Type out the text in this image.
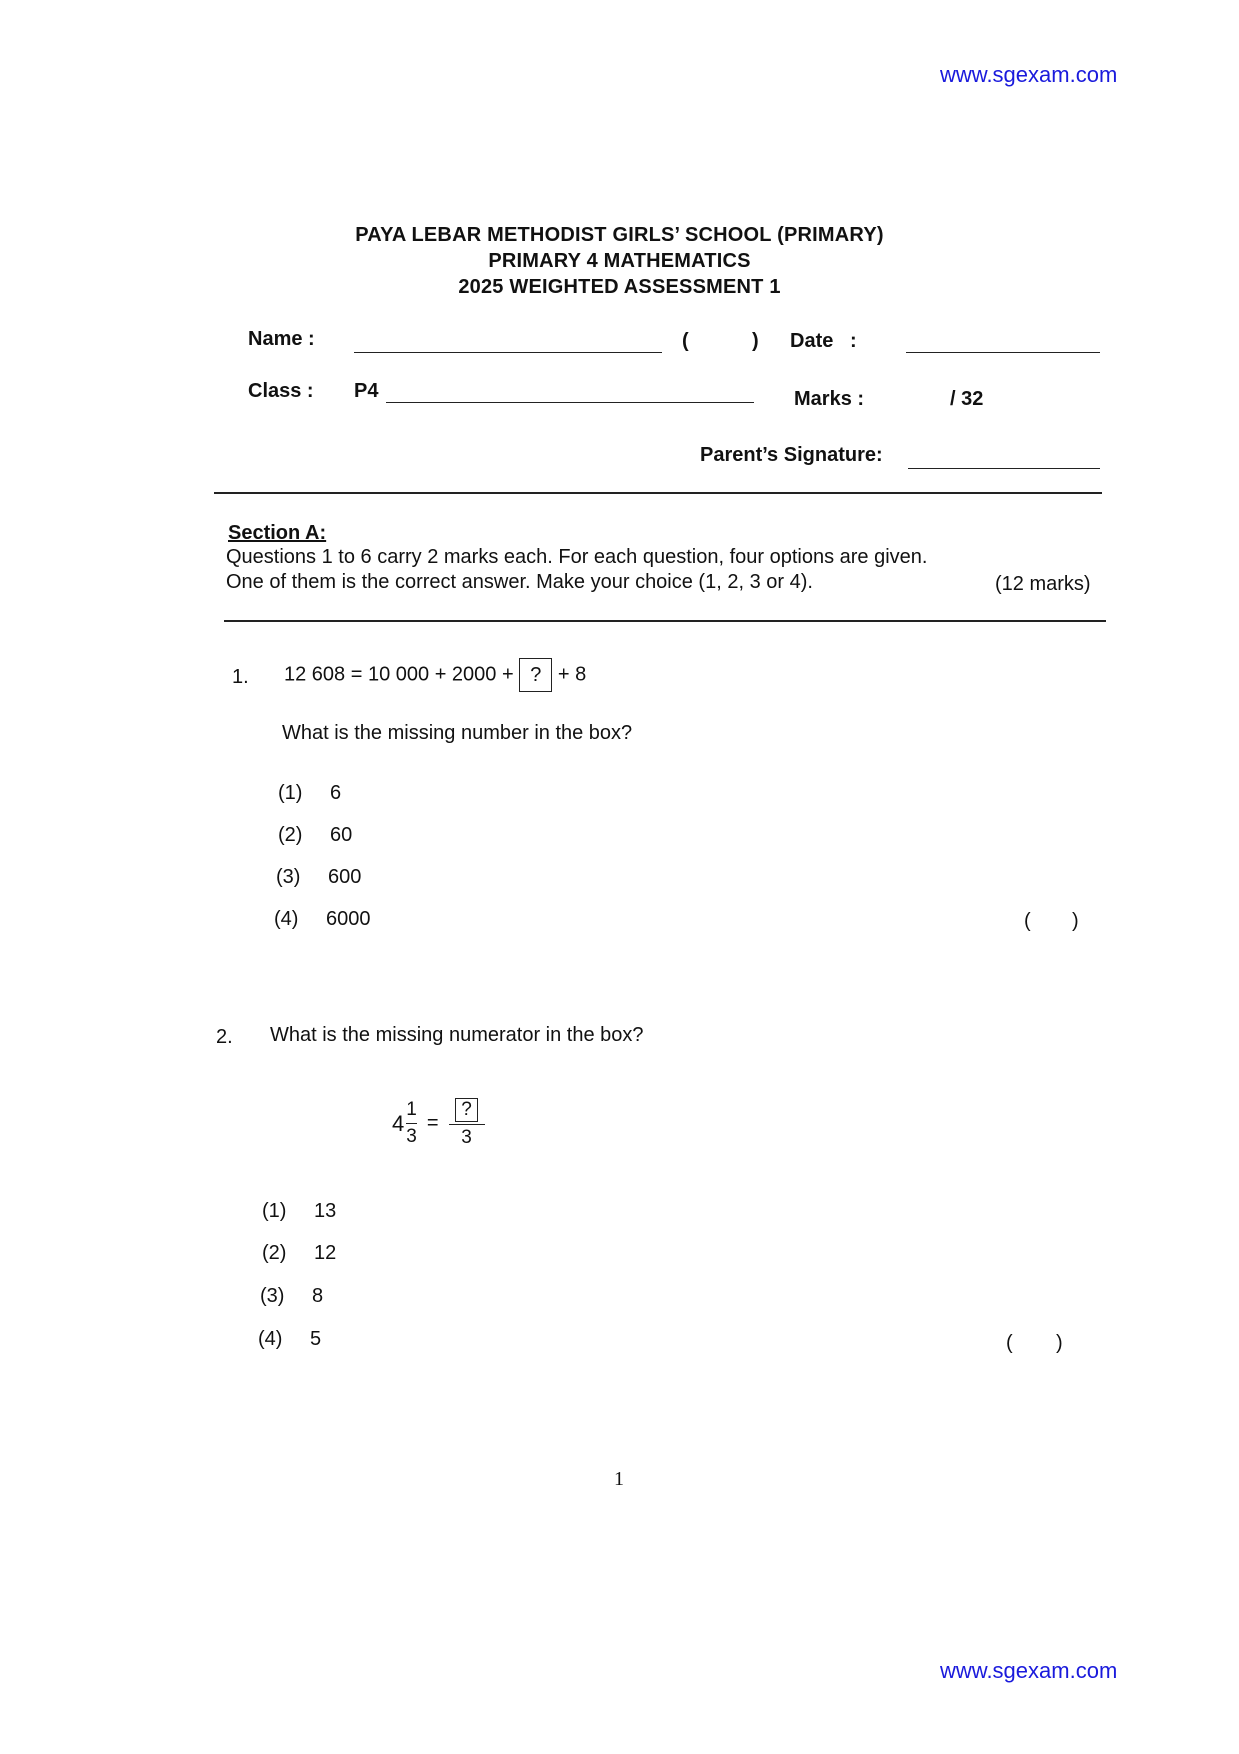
www.sgexam.com
www.sgexam.com
PAYA LEBAR METHODIST GIRLS’ SCHOOL (PRIMARY)
PRIMARY 4 MATHEMATICS
2025 WEIGHTED ASSESSMENT 1
Name :	(	) Date   :
Class : P4	Marks :	/ 32
Parent’s Signature:
Section A:
Questions 1 to 6 carry 2 marks each. For each question, four options are given.
One of them is the correct answer. Make your choice (1, 2, 3 or 4).	(12 marks)
1. 12 608 = 10 000 + 2000 + ? + 8
What is the missing number in the box?
(1) 6
(2) 60
(3) 600
(4) 6000	( )
2. What is the missing numerator in the box?
$4 \frac{1}{3} = \frac{?}{3}$
(1) 13
(2) 12
(3) 8
(4) 5	( )
1
